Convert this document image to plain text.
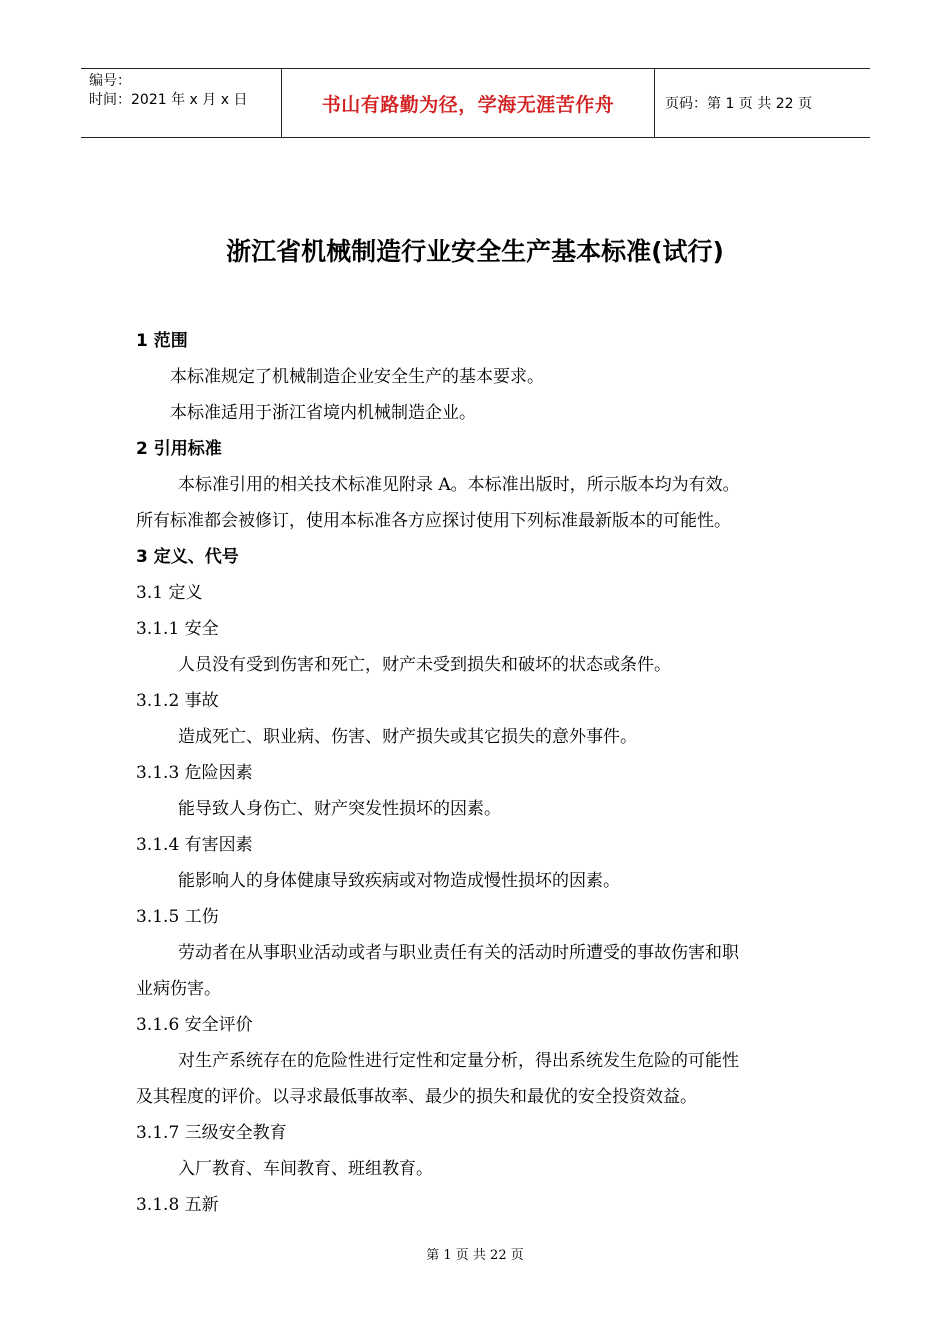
编号：
时间：2021 年 x 月 x 日	书山有路勤为径，学海无涯苦作舟	页码：第 1 页 共 22 页
浙江省机械制造行业安全生产基本标准(试行)
1 范围
本标准规定了机械制造企业安全生产的基本要求。
本标准适用于浙江省境内机械制造企业。
2 引用标准
本标准引用的相关技术标准见附录 A。本标准出版时，所示版本均为有效。
所有标准都会被修订，使用本标准各方应探讨使用下列标准最新版本的可能性。
3 定义、代号
3.1 定义
3.1.1 安全
人员没有受到伤害和死亡，财产未受到损失和破坏的状态或条件。
3.1.2 事故
造成死亡、职业病、伤害、财产损失或其它损失的意外事件。
3.1.3 危险因素
能导致人身伤亡、财产突发性损坏的因素。
3.1.4 有害因素
能影响人的身体健康导致疾病或对物造成慢性损坏的因素。
3.1.5 工伤
劳动者在从事职业活动或者与职业责任有关的活动时所遭受的事故伤害和职
业病伤害。
3.1.6 安全评价
对生产系统存在的危险性进行定性和定量分析，得出系统发生危险的可能性
及其程度的评价。以寻求最低事故率、最少的损失和最优的安全投资效益。
3.1.7 三级安全教育
入厂教育、车间教育、班组教育。
3.1.8 五新
第 1 页 共 22 页
